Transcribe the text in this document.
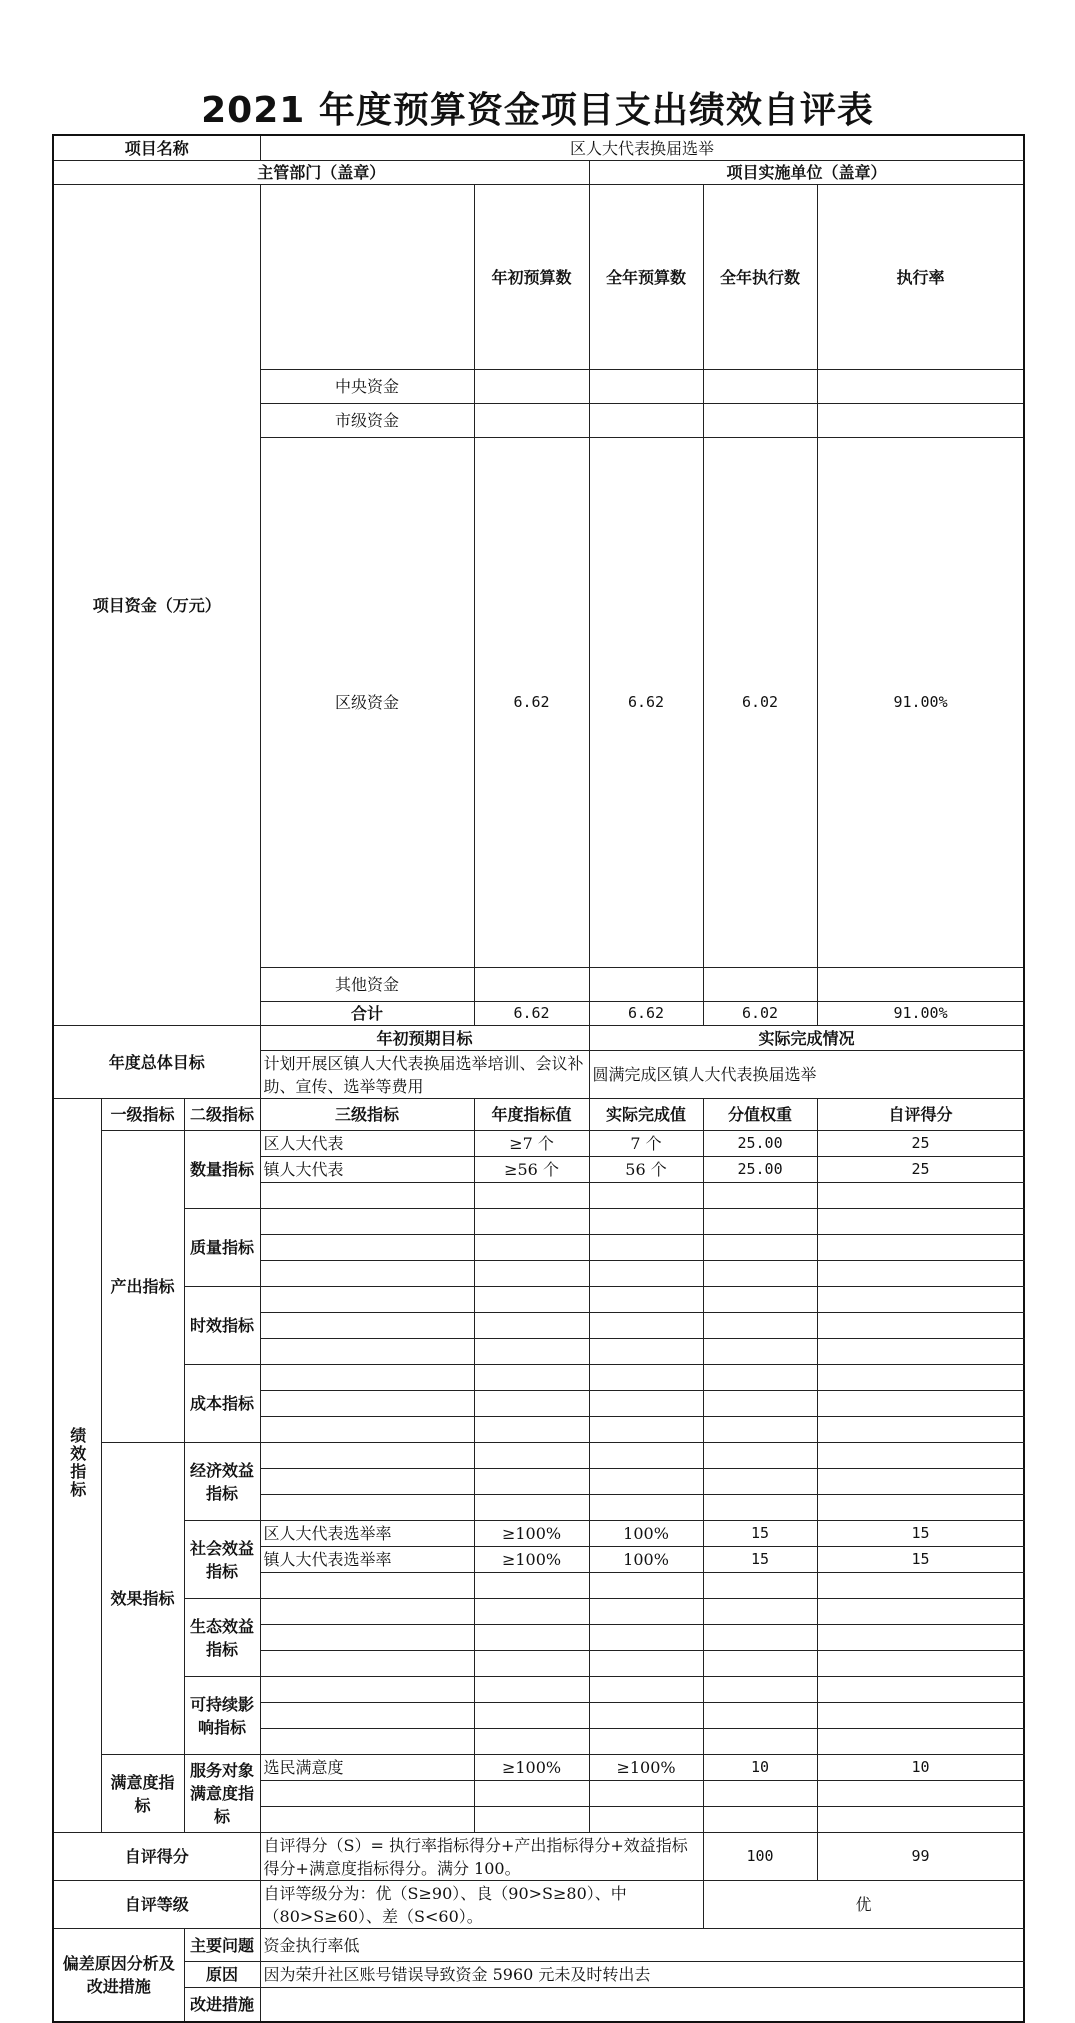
2021 年度预算资金项目支出绩效自评表
项目名称			区人大代表换届选举					
主管部门（盖章）					项目实施单位（盖章）			
项目资金（万元）				年初预算数	全年预算数	全年执行数	执行率	
			中央资金					
			市级资金					
			区级资金	6.62	6.62	6.02	91.00%	
			其他资金					
			合计	6.62	6.62	6.02	91.00%	
年度总体目标			年初预期目标		实际完成情况			
			计划开展区镇人大代表换届选举培训、会议补助、宣传、选举等费用		圆满完成区镇人大代表换届选举			
绩效指标	一级指标	二级指标	三级指标	年度指标值	实际完成值	分值权重	自评得分	
	产出指标	数量指标	区人大代表	≥7 个	7 个	25.00	25	
			镇人大代表	≥56 个	56 个	25.00	25	

		质量指标						

		时效指标						

		成本指标						

	效果指标	经济效益指标						

		社会效益指标	区人大代表选举率	≥100%	100%	15	15	
			镇人大代表选举率	≥100%	100%	15	15	

		生态效益指标						

		可持续影响指标						

	满意度指标	服务对象满意度指标	选民满意度	≥100%	≥100%	10	10	

自评得分			自评得分（S）= 执行率指标得分+产出指标得分+效益指标得分+满意度指标得分。满分 100。			100	99	
自评等级			自评等级分为：优（S≥90）、良（90>S≥80）、中（80>S≥60）、差（S<60）。			优		
偏差原因分析及改进措施		主要问题	资金执行率低					
		原因	因为荣升社区账号错误导致资金 5960 元未及时转出去					
		改进措施						
